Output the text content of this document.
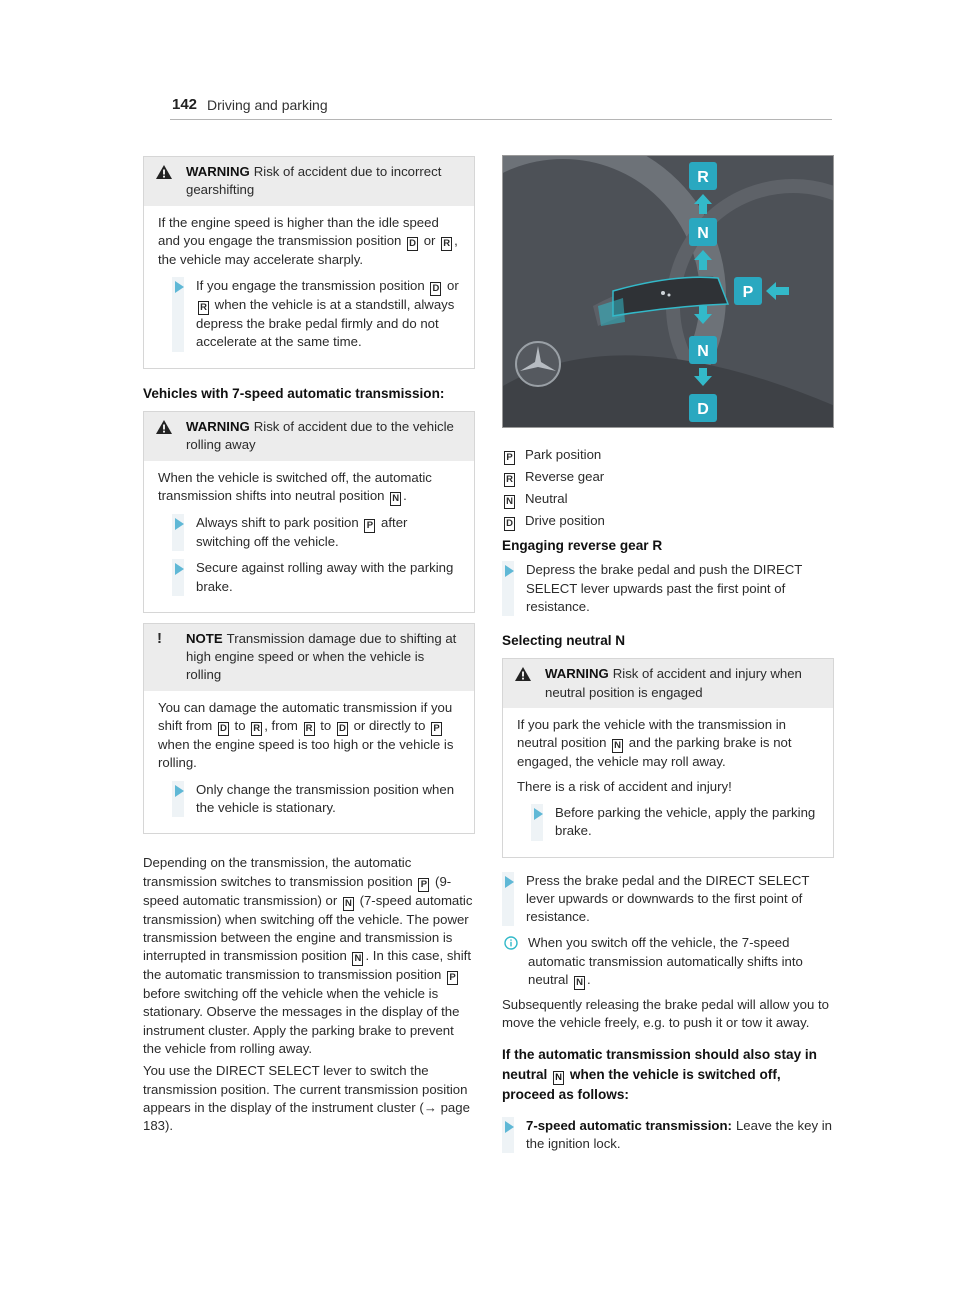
142 Driving and parking
WARNING Risk of accident due to incorrect gearshifting

If the engine speed is higher than the idle speed and you engage the transmission position D or R , the vehicle may accelerate sharply.

If you engage the transmission position D or R when the vehicle is at a standstill, always depress the brake pedal firmly and do not accelerate at the same time.
Vehicles with 7-speed automatic transmission:
WARNING Risk of accident due to the vehicle rolling away

When the vehicle is switched off, the automatic transmission shifts into neutral position N .

Always shift to park position P after switching off the vehicle.
Secure against rolling away with the parking brake.
! NOTE Transmission damage due to shifting at high engine speed or when the vehicle is rolling

You can damage the automatic transmission if you shift from D to R , from R to D or directly to P when the engine speed is too high or the vehicle is rolling.

Only change the transmission position when the vehicle is stationary.

Depending on the transmission, the automatic transmission switches to transmission position P (9-speed automatic transmission) or N (7-speed automatic transmission) when switching off the vehicle. The power transmission between the engine and transmission is interrupted in transmission position N . In this case, shift the automatic transmission to transmission position P before switching off the vehicle when the vehicle is stationary. Observe the messages in the display of the instrument cluster. Apply the parking brake to prevent the vehicle from rolling away.

You use the DIRECT SELECT lever to switch the transmission position. The current transmission position appears in the display of the instrument cluster (→ page 183).

R
N
P
N
D
P Park position
R Reverse gear
N Neutral
D Drive position
Engaging reverse gear R
Depress the brake pedal and push the DIRECT SELECT lever upwards past the first point of resistance.
Selecting neutral N
WARNING Risk of accident and injury when neutral position is engaged

If you park the vehicle with the transmission in neutral position N and the parking brake is not engaged, the vehicle may roll away.

There is a risk of accident and injury!

Before parking the vehicle, apply the parking brake.
Press the brake pedal and the DIRECT SELECT lever upwards or downwards to the first point of resistance.
When you switch off the vehicle, the 7-speed automatic transmission automatically shifts into neutral N .

Subsequently releasing the brake pedal will allow you to move the vehicle freely, e.g. to push it or tow it away.

If the automatic transmission should also stay in neutral N when the vehicle is switched off, proceed as follows:
7-speed automatic transmission: Leave the key in the ignition lock.
